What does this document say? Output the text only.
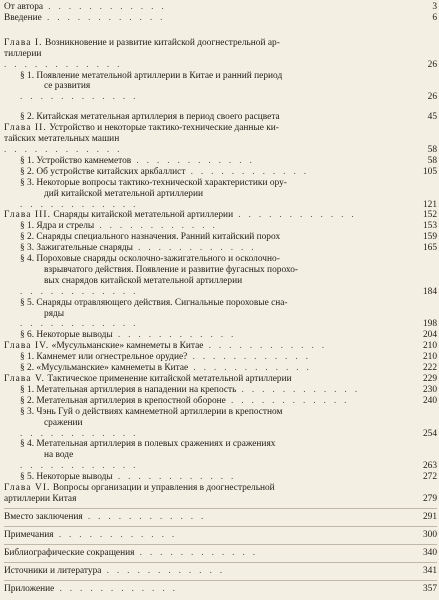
От автора . . . . . . . . . . . .	3
Введение . . . . . . . . . . . .	6
Глава I. Возникновение и развитие китайской доогнестрельной ар-
тиллерии
. . . . . . . . . . . .	26
§ 1. Появление метательной артиллерии в Китае и ранний период
се развития
. . . . . . . . . . . .	26
§ 2. Китайская метательная артиллерия в период своего расцвета	45
Глава II. Устройство и некоторые тактико-технические данные ки-
тайских метательных машин
. . . . . . . . . . . .	58
§ 1. Устройство камнеметов . . . . . . . . . . . .	58
§ 2. Об устройстве китайских аркбаллист . . . . . . . . . . . .	105
§ 3. Некоторые вопросы тактико-технической характеристики ору-
дий китайской метательной артиллерии
. . . . . . . . . . . .	121
Глава III. Снаряды китайской метательной артиллерии . . . . . . . . . . . .	152
§ 1. Ядра и стрелы . . . . . . . . . . . .	153
§ 2. Снаряды специального назначения. Ранний китайский порох	159
§ 3. Зажигательные снаряды . . . . . . . . . . . .	165
§ 4. Пороховые снаряды осколочно-зажигательного и осколочно-
взрывчатого действия. Появление и развитие фугасных порохо-
вых снарядов китайской метательной артиллерии
. . . . . . . . . . . .	184
§ 5. Снаряды отравляющего действия. Сигнальные пороховые сна-
ряды
. . . . . . . . . . . .	198
§ 6. Некоторые выводы . . . . . . . . . . . .	204
Глава IV. «Мусульманские» камнеметы в Китае . . . . . . . . . . . .	210
§ 1. Камнемет или огнестрельное орудие? . . . . . . . . . . . .	210
§ 2. «Мусульманские» камнеметы в Китае . . . . . . . . . . . .	222
Глава V. Тактическое применение китайской метательной артиллерии	229
§ 1. Метательная артиллерия в нападении на крепость . . . . . . . . . . . .	230
§ 2. Метательная артиллерия в крепостной обороне . . . . . . . . . . . .	240
§ 3. Чэнь Гуй о действиях камнеметной артиллерии в крепостном
сражении
. . . . . . . . . . . .	254
§ 4. Метательная артиллерия в полевых сражениях и сражениях
на воде
. . . . . . . . . . . .	263
§ 5. Некоторые выводы . . . . . . . . . . . .	272
Глава VI. Вопросы организации и управления в доогнестрельной
артиллерии Китая	279
Вместо заключения . . . . . . . . . . . .	291
Примечания . . . . . . . . . . . .	300
Библиографические сокращения . . . . . . . . . . . .	340
Источники и литература . . . . . . . . . . . .	341
Приложение . . . . . . . . . . . .	357
